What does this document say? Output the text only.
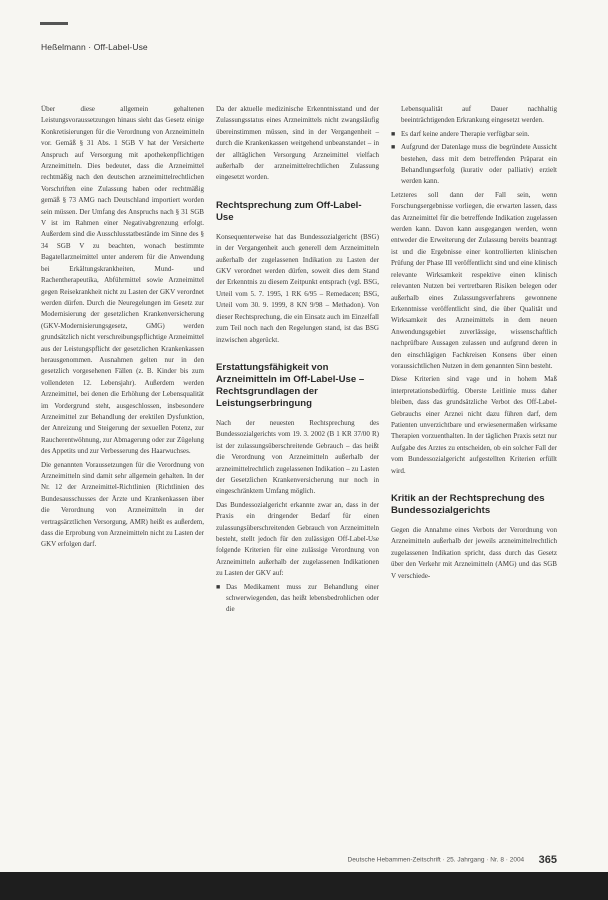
Heßelmann · Off-Label-Use

Über diese allgemein gehaltenen Leistungsvoraussetzungen hinaus sieht das Gesetz einige Konkretisierungen für die Verordnung von Arzneimitteln vor. Gemäß § 31 Abs. 1 SGB V hat der Versicherte Anspruch auf Versorgung mit apothekenpflichtigen Arzneimitteln. Dies bedeutet, dass die Arzneimittel rechtmäßig nach den deutschen arzneimittelrechtlichen Vorschriften eine Zulassung haben oder rechtmäßig gemäß § 73 AMG nach Deutschland importiert worden sein müssen. Der Umfang des Anspruchs nach § 31 SGB V ist im Rahmen einer Negativabgrenzung erfolgt. Außerdem sind die Ausschlusstatbestände im Sinne des § 34 SGB V zu beachten, wonach bestimmte Bagatellarzneimittel unter anderem für die Anwendung bei Erkältungskrankheiten, Mund- und Rachentherapeutika, Abführmittel sowie Arzneimittel gegen Reisekrankheit nicht zu Lasten der GKV verordnet werden dürfen. Durch die Neuregelungen im Gesetz zur Modernisierung der gesetzlichen Krankenversicherung (GKV-Modernisierungsgesetz, GMG) werden grundsätzlich nicht verschreibungspflichtige Arzneimittel aus der Leistungspflicht der gesetzlichen Krankenkassen herausgenommen. Ausnahmen gelten nur in den gesetzlich vorgesehenen Fällen (z. B. Kinder bis zum vollendeten 12. Lebensjahr). Außerdem werden Arzneimittel, bei denen die Erhöhung der Lebensqualität im Vordergrund steht, ausgeschlossen, insbesondere Arzneimittel zur Behandlung der erektilen Dysfunktion, der Anreizung und Steigerung der sexuellen Potenz, zur Raucherentwöhnung, zur Abmagerung oder zur Zügelung des Appetits und zur Verbesserung des Haarwuchses.

Die genannten Voraussetzungen für die Verordnung von Arzneimitteln sind damit sehr allgemein gehalten. In der Nr. 12 der Arzneimittel-Richtlinien (Richtlinien des Bundesausschusses der Ärzte und Krankenkassen über die Verordnung von Arzneimitteln in der vertragsärztlichen Versorgung, AMR) heißt es außerdem, dass die Erprobung von Arzneimitteln nicht zu Lasten der GKV erfolgen darf.

Da der aktuelle medizinische Erkenntnisstand und der Zulassungsstatus eines Arzneimittels nicht zwangsläufig übereinstimmen müssen, sind in der Vergangenheit – durch die Krankenkassen weitgehend unbeanstandet – in der alltäglichen Versorgung Arzneimittel vielfach außerhalb der arzneimittelrechtlichen Zulassung eingesetzt worden.

Rechtsprechung zum Off-Label-Use

Konsequenterweise hat das Bundessozialgericht (BSG) in der Vergangenheit auch generell dem Arzneimitteln außerhalb der zugelassenen Indikation zu Lasten der GKV verordnet werden dürfen, soweit dies dem Stand der Erkenntnis zu diesem Zeitpunkt entsprach (vgl. BSG, Urteil vom 5. 7. 1995, 1 RK 6/95 – Remedacen; BSG, Urteil vom 30. 9. 1999, 8 KN 9/98 – Methadon). Von dieser Rechtsprechung, die ein Einsatz auch im Einzelfall zum Teil noch nach den Regelungen stand, ist das BSG inzwischen abgerückt.

Erstattungsfähigkeit von Arzneimitteln im Off-Label-Use – Rechtsgrundlagen der Leistungserbringung

Nach der neuesten Rechtsprechung des Bundessozialgerichts vom 19. 3. 2002 (B 1 KR 37/00 R) ist der zulassungsüberschreitende Gebrauch – das heißt die Verordnung von Arzneimitteln außerhalb der arzneimittelrechtlich zugelassenen Indikation – zu Lasten der Gesetzlichen Krankenversicherung nur noch in eingeschränktem Umfang möglich.

Das Bundessozialgericht erkannte zwar an, dass in der Praxis ein dringender Bedarf für einen zulassungsüberschreitenden Gebrauch von Arzneimitteln besteht, stellt jedoch für den zulässigen Off-Label-Use folgende Kriterien für eine zulässige Verordnung von Arzneimitteln außerhalb der zugelassenen Indikationen zu Lasten der GKV auf:

■ Das Medikament muss zur Behandlung einer schwerwiegenden, das heißt lebensbedrohlichen oder die
Lebensqualität auf Dauer nachhaltig beeinträchtigenden Erkrankung eingesetzt werden.
■ Es darf keine andere Therapie verfügbar sein.
■ Aufgrund der Datenlage muss die begründete Aussicht bestehen, dass mit dem betreffenden Präparat ein Behandlungserfolg (kurativ oder palliativ) erzielt werden kann.

Letzteres soll dann der Fall sein, wenn Forschungsergebnisse vorliegen, die erwarten lassen, dass das Arzneimittel für die betreffende Indikation zugelassen werden kann. Davon kann ausgegangen werden, wenn entweder die Erweiterung der Zulassung bereits beantragt ist und die Ergebnisse einer kontrollierten klinischen Prüfung der Phase III veröffentlicht sind und eine klinisch relevante Wirksamkeit respektive einen klinisch relevanten Nutzen bei vertretbaren Risiken belegen oder außerhalb eines Zulassungsverfahrens gewonnene Erkenntnisse veröffentlicht sind, die über Qualität und Wirksamkeit des Arzneimittels in dem neuen Anwendungsgebiet zuverlässige, wissenschaftlich nachprüfbare Aussagen zulassen und aufgrund deren in den einschlägigen Fachkreisen Konsens über einen voraussichtlichen Nutzen in dem genannten Sinn besteht.

Diese Kriterien sind vage und in hohem Maß interpretationsbedürftig. Oberste Leitlinie muss daher bleiben, dass das grundsätzliche Verbot des Off-Label-Gebrauchs einer Arznei nicht dazu führen darf, dem Patienten unverzichtbare und erwiesenermaßen wirksame Therapien vorzuenthalten. In der täglichen Praxis setzt nur Aufgabe des Arztes zu entscheiden, ob ein solcher Fall der vom Bundessozialgericht aufgestellten Kriterien erfüllt wird.

Kritik an der Rechtsprechung des Bundessozialgerichts

Gegen die Annahme eines Verbots der Verordnung von Arzneimitteln außerhalb der jeweils arzneimittelrechtlich zugelassenen Indikation spricht, dass durch das Gesetz über den Verkehr mit Arzneimitteln (AMG) und das SGB V verschiede-

Deutsche Hebammen-Zeitschrift · 25. Jahrgang · Nr. 8 · 2004 365
